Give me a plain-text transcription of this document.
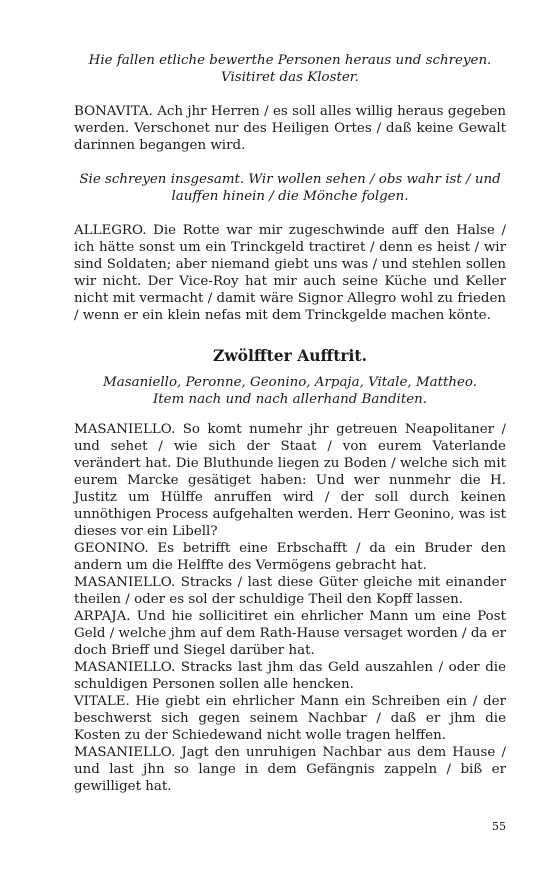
Hie fallen etliche bewerthe Personen heraus und schreyen. Visitiret das Kloster.

BONAVITA. Ach jhr Herren / es soll alles willig heraus gegeben werden. Verschonet nur des Heiligen Ortes / daß keine Gewalt darinnen begangen wird.

Sie schreyen insgesamt. Wir wollen sehen / obs wahr ist / und lauffen hinein / die Mönche folgen.

ALLEGRO. Die Rotte war mir zugeschwinde auff den Halse / ich hätte sonst um ein Trinckgeld tractiret / denn es heist / wir sind Soldaten; aber niemand giebt uns was / und stehlen sollen wir nicht. Der Vice-Roy hat mir auch seine Küche und Keller nicht mit vermacht / damit wäre Signor Allegro wohl zu frieden / wenn er ein klein nefas mit dem Trinckgelde machen könte.

Zwölffter Aufftrit.

Masaniello, Peronne, Geonino, Arpaja, Vitale, Mattheo.
Item nach und nach allerhand Banditen.

MASANIELLO. So komt numehr jhr getreuen Neapolitaner / und sehet / wie sich der Staat / von eurem Vaterlande verändert hat. Die Bluthunde liegen zu Boden / welche sich mit eurem Marcke gesätiget haben: Und wer nunmehr die H. Justitz um Hülffe anruffen wird / der soll durch keinen unnöthigen Process aufgehalten werden. Herr Geonino, was ist dieses vor ein Libell?

GEONINO. Es betrifft eine Erbschafft / da ein Bruder den andern um die Helffte des Vermögens gebracht hat.

MASANIELLO. Stracks / last diese Güter gleiche mit einander theilen / oder es sol der schuldige Theil den Kopff lassen.

ARPAJA. Und hie sollicitiret ein ehrlicher Mann um eine Post Geld / welche jhm auf dem Rath-Hause versaget worden / da er doch Brieff und Siegel darüber hat.

MASANIELLO. Stracks last jhm das Geld auszahlen / oder die schuldigen Personen sollen alle hencken.

VITALE. Hie giebt ein ehrlicher Mann ein Schreiben ein / der beschwerst sich gegen seinem Nachbar / daß er jhm die Kosten zu der Schiedewand nicht wolle tragen helffen.

MASANIELLO. Jagt den unruhigen Nachbar aus dem Hause / und last jhn so lange in dem Gefängnis zappeln / biß er gewilliget hat.

55
